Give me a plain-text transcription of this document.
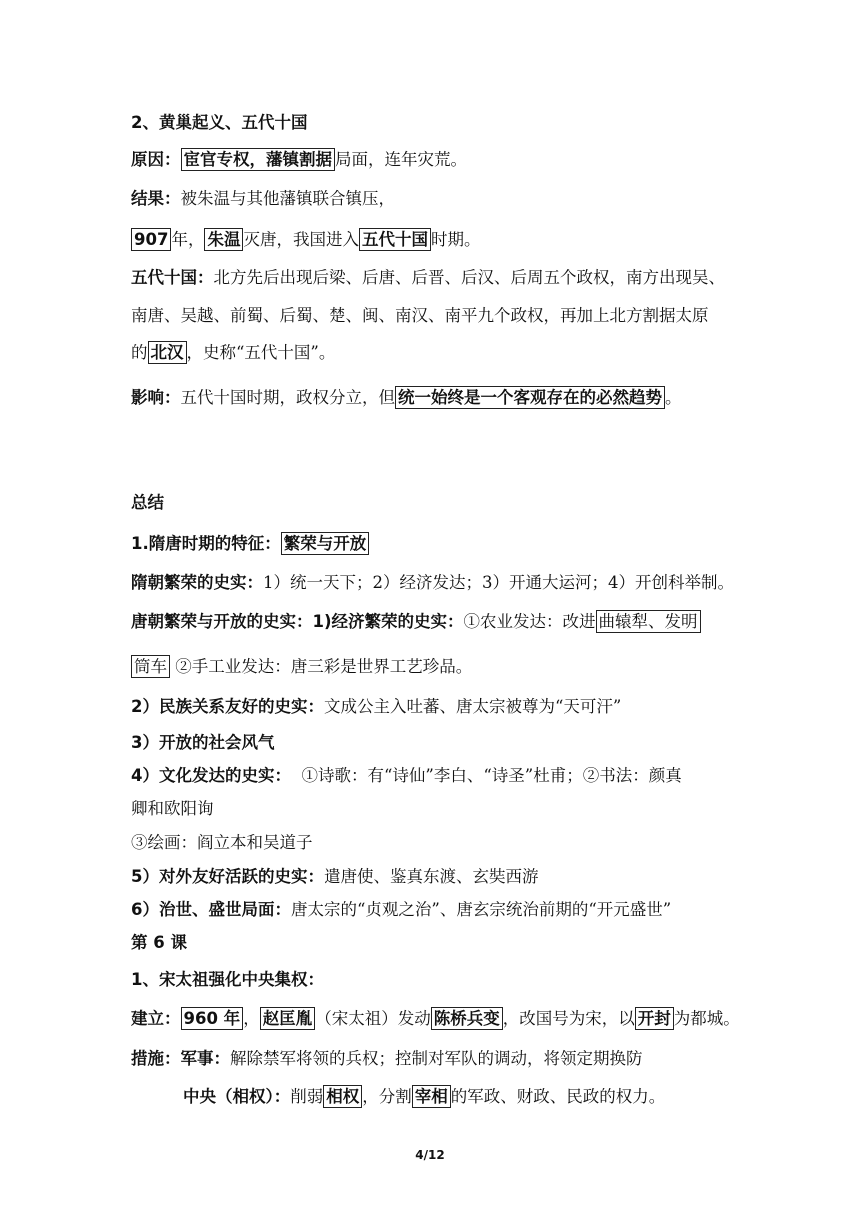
2、黄巢起义、五代十国
原因： 宦官专权，藩镇割据 局面，连年灾荒。
结果：被朱温与其他藩镇联合镇压，
907 年， 朱温 灭唐，我国进入 五代十国 时期。
五代十国：北方先后出现后梁、后唐、后晋、后汉、后周五个政权，南方出现吴、
南唐、吴越、前蜀、后蜀、楚、闽、南汉、南平九个政权，再加上北方割据太原
的 北汉 ，史称“五代十国”。
影响：五代十国时期，政权分立，但 统一始终是一个客观存在的必然趋势 。
总结
1.隋唐时期的特征： 繁荣与开放
隋朝繁荣的史实：1）统一天下；2）经济发达；3）开通大运河；4）开创科举制。
唐朝繁荣与开放的史实：1)经济繁荣的史实：①农业发达：改进 曲辕犁、发明
筒车 ②手工业发达：唐三彩是世界工艺珍品。
2）民族关系友好的史实：文成公主入吐蕃、唐太宗被尊为“天可汗”
3）开放的社会风气
4）文化发达的史实：  ①诗歌：有“诗仙”李白、“诗圣”杜甫；②书法：颜真
卿和欧阳询
③绘画：阎立本和吴道子
5）对外友好活跃的史实：遣唐使、鉴真东渡、玄奘西游
6）治世、盛世局面：唐太宗的“贞观之治”、唐玄宗统治前期的“开元盛世”
第 6 课
1、宋太祖强化中央集权：
建立： 960 年 ， 赵匡胤 （宋太祖）发动 陈桥兵变 ，改国号为宋，以 开封 为都城。
措施：军事：解除禁军将领的兵权；控制对军队的调动，将领定期换防
中央（相权）：削弱 相权 ，分割 宰相 的军政、财政、民政的权力。
4/12
